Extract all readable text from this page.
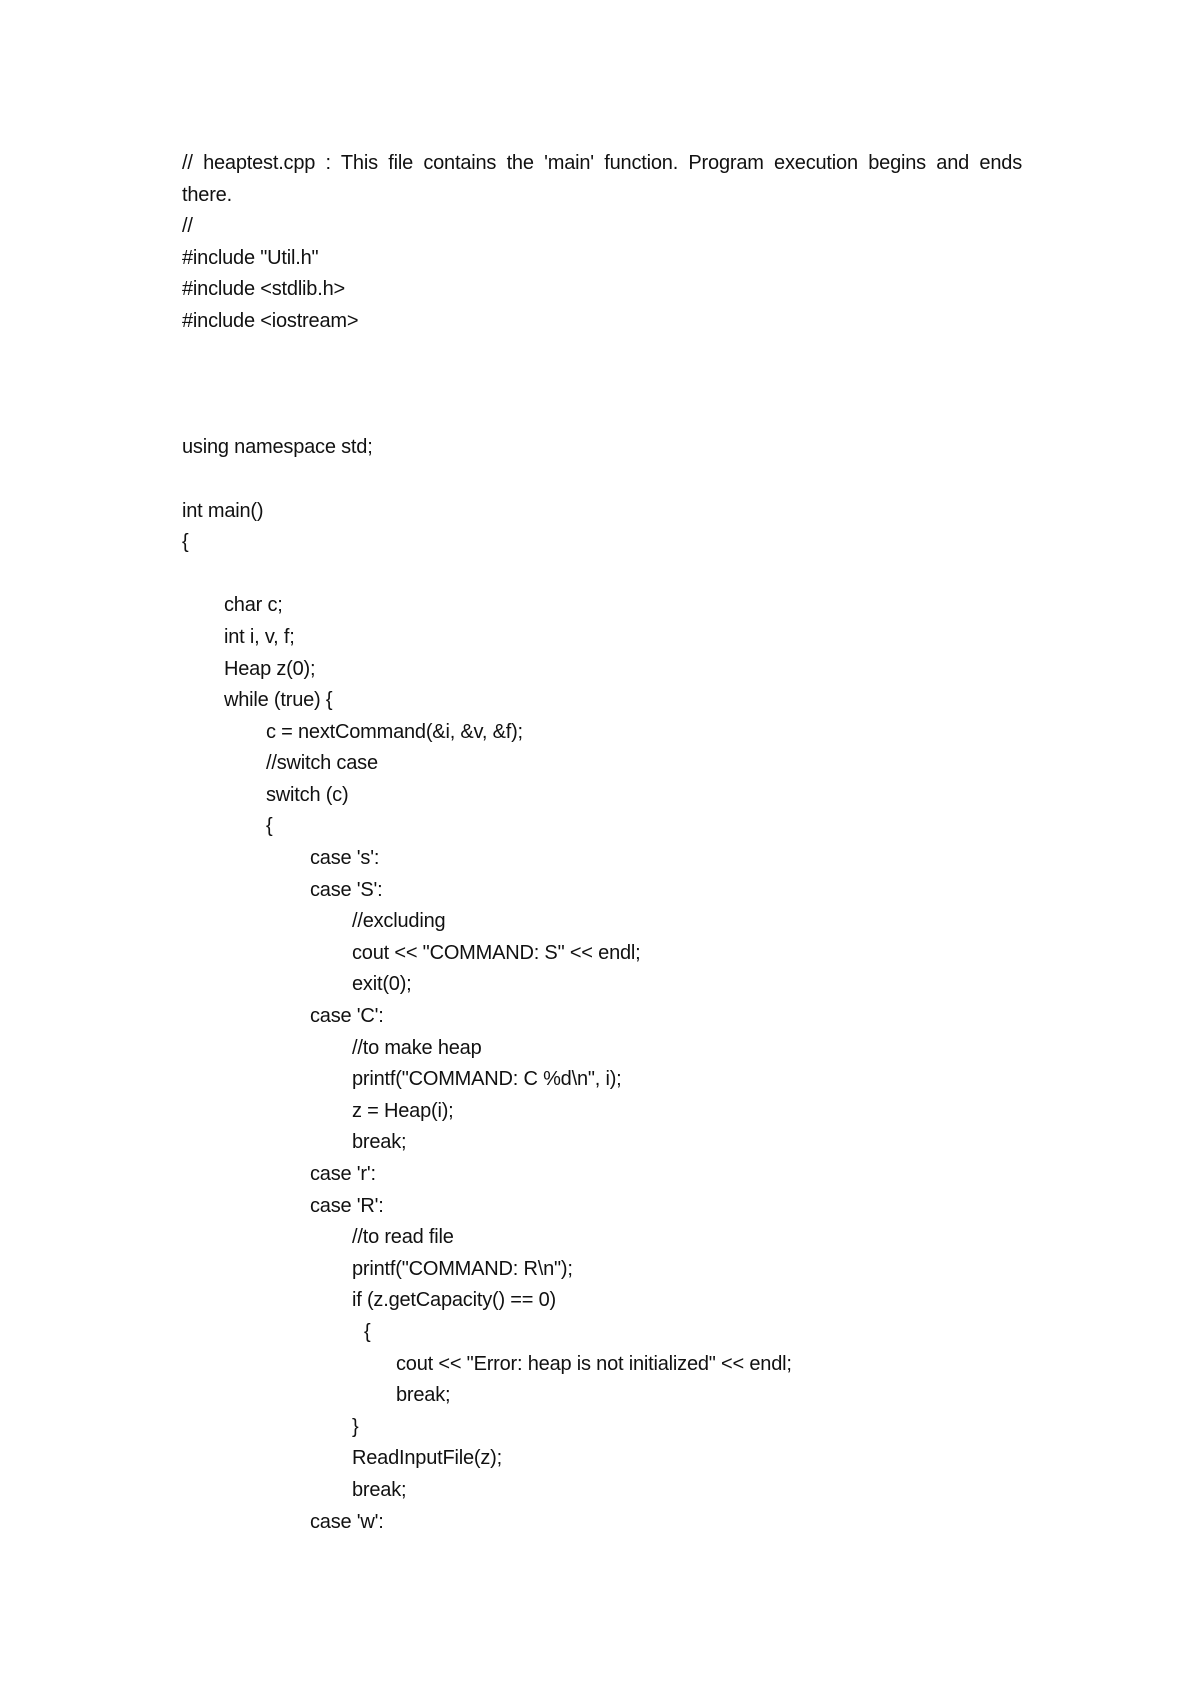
// heaptest.cpp : This file contains the 'main' function. Program execution begins and ends there.
//
#include "Util.h"
#include <stdlib.h>
#include <iostream>
using namespace std;
int main()
{
char c;
int i, v, f;
Heap z(0);
while (true) {
c = nextCommand(&i, &v, &f);
//switch case
switch (c)
{
case 's':
case 'S':
//excluding
cout << "COMMAND: S" << endl;
exit(0);
case 'C':
//to make heap
printf("COMMAND: C %d\n", i);
z = Heap(i);
break;
case 'r':
case 'R':
//to read file
printf("COMMAND: R\n");
if (z.getCapacity() == 0)
{
cout << "Error: heap is not initialized" << endl;
break;
}
ReadInputFile(z);
break;
case 'w':
